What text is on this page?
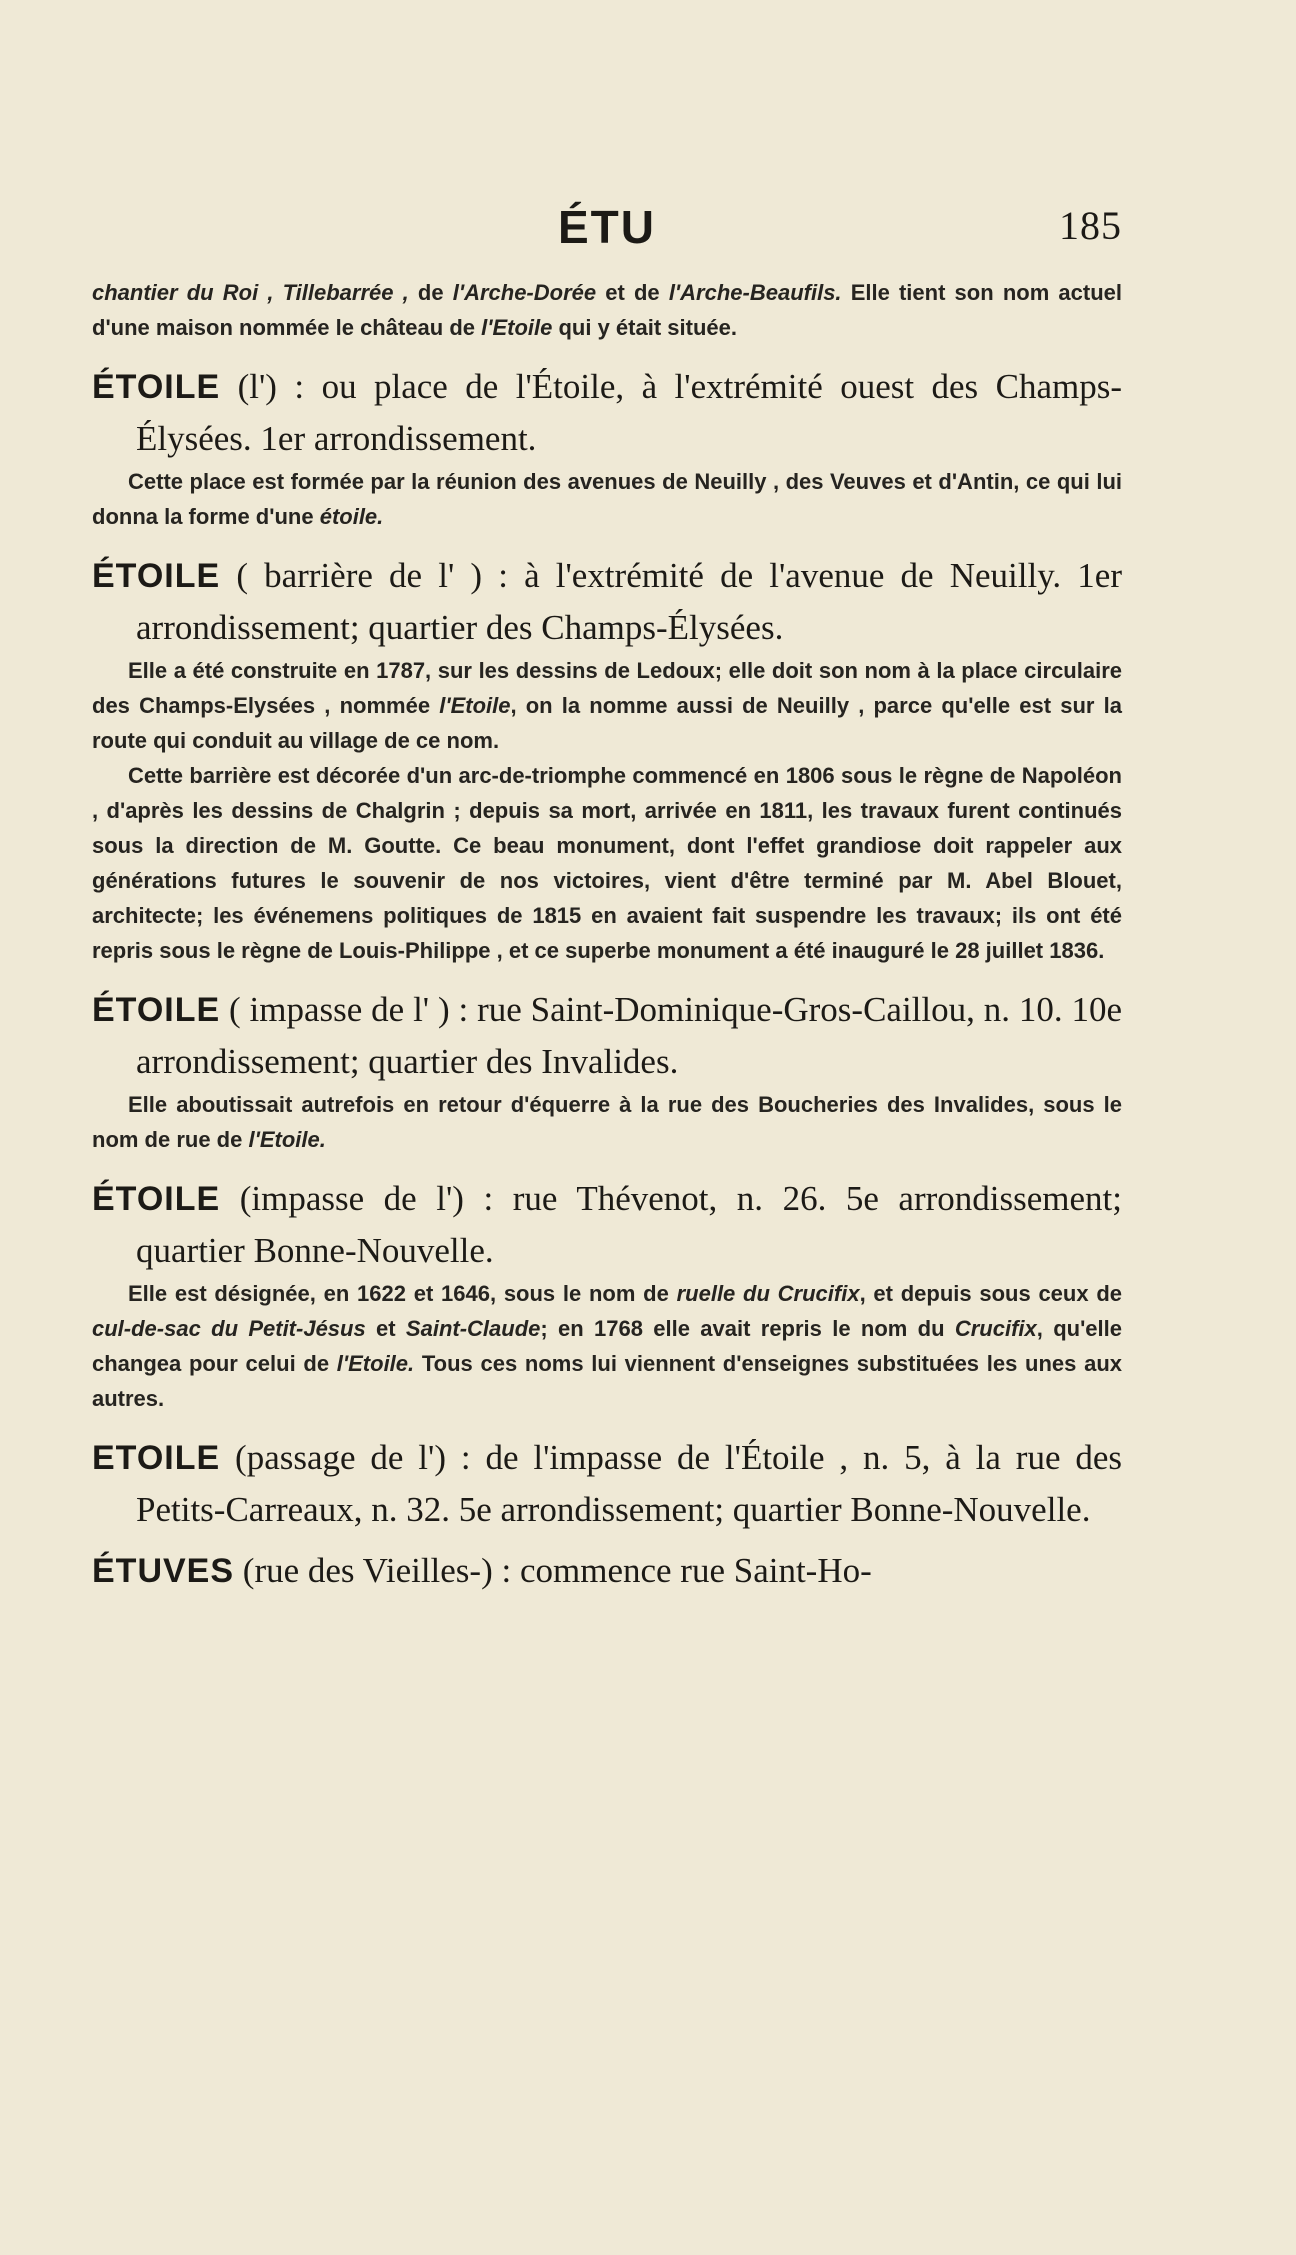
ÉTU	185

chantier du Roi , Tillebarrée , de l'Arche-Dorée et de l'Arche-Beaufils. Elle tient son nom actuel d'une maison nommée le château de l'Etoile qui y était située.

ÉTOILE (l') : ou place de l'Étoile, à l'extrémité ouest des Champs-Élysées. 1er arrondissement.

Cette place est formée par la réunion des avenues de Neuilly , des Veuves et d'Antin, ce qui lui donna la forme d'une étoile.

ÉTOILE ( barrière de l' ) : à l'extrémité de l'avenue de Neuilly. 1er arrondissement; quartier des Champs-Élysées.

Elle a été construite en 1787, sur les dessins de Ledoux; elle doit son nom à la place circulaire des Champs-Elysées , nommée l'Etoile, on la nomme aussi de Neuilly , parce qu'elle est sur la route qui conduit au village de ce nom.

Cette barrière est décorée d'un arc-de-triomphe commencé en 1806 sous le règne de Napoléon , d'après les dessins de Chalgrin ; depuis sa mort, arrivée en 1811, les travaux furent continués sous la direction de M. Goutte. Ce beau monument, dont l'effet grandiose doit rappeler aux générations futures le souvenir de nos victoires, vient d'être terminé par M. Abel Blouet, architecte; les événemens politiques de 1815 en avaient fait suspendre les travaux; ils ont été repris sous le règne de Louis-Philippe , et ce superbe monument a été inauguré le 28 juillet 1836.

ÉTOILE ( impasse de l' ) : rue Saint-Dominique-Gros-Caillou, n. 10. 10e arrondissement; quartier des Invalides.

Elle aboutissait autrefois en retour d'équerre à la rue des Boucheries des Invalides, sous le nom de rue de l'Etoile.

ÉTOILE (impasse de l') : rue Thévenot, n. 26. 5e arrondissement; quartier Bonne-Nouvelle.

Elle est désignée, en 1622 et 1646, sous le nom de ruelle du Crucifix, et depuis sous ceux de cul-de-sac du Petit-Jésus et Saint-Claude; en 1768 elle avait repris le nom du Crucifix, qu'elle changea pour celui de l'Etoile. Tous ces noms lui viennent d'enseignes substituées les unes aux autres.

ETOILE (passage de l') : de l'impasse de l'Étoile , n. 5, à la rue des Petits-Carreaux, n. 32. 5e arrondissement; quartier Bonne-Nouvelle.

ÉTUVES (rue des Vieilles-) : commence rue Saint-Ho-
